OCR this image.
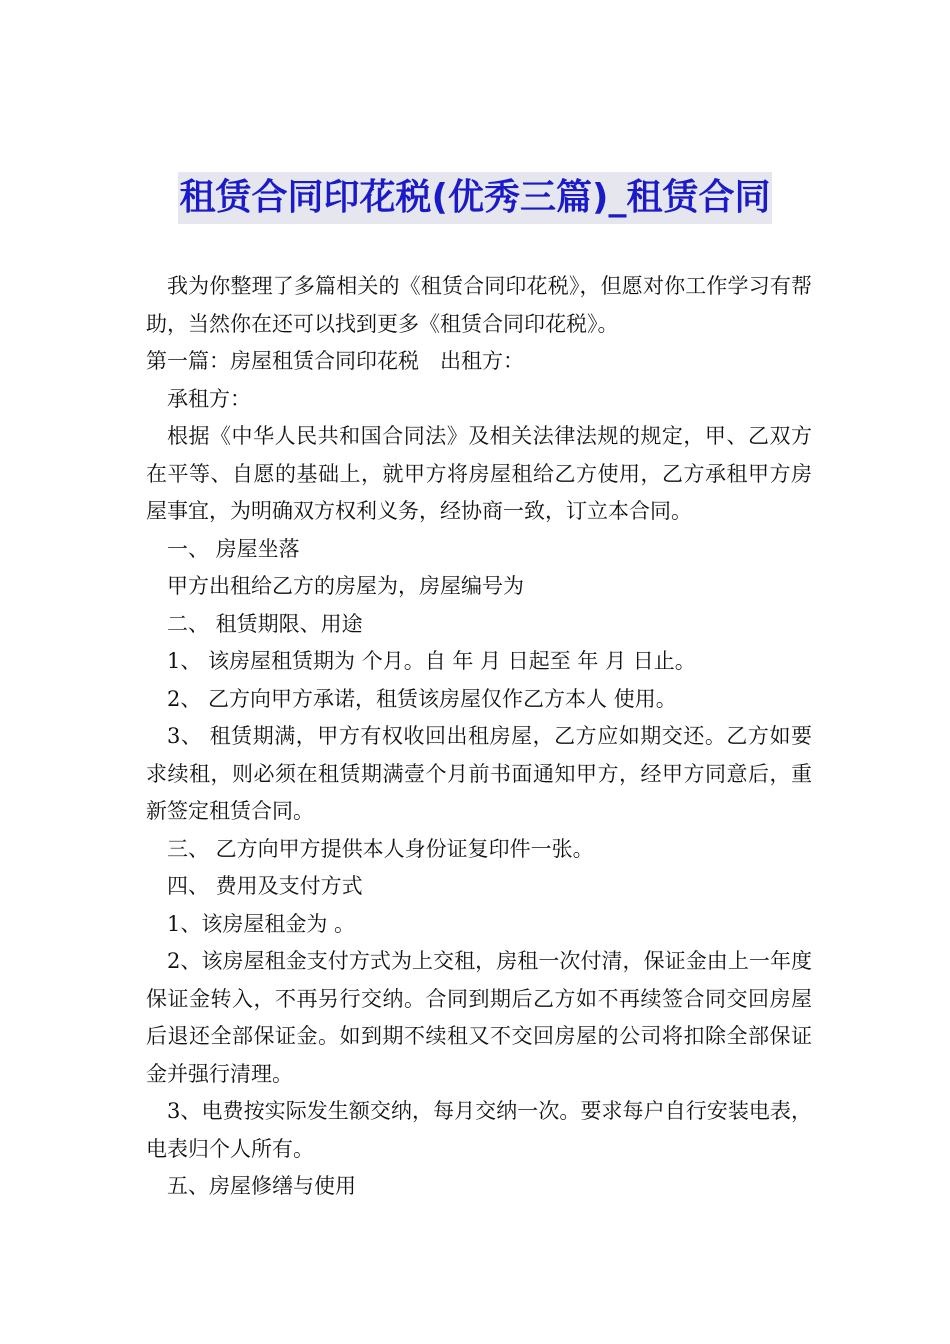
租赁合同印花税(优秀三篇)_租赁合同

我为你整理了多篇相关的《租赁合同印花税》，但愿对你工作学习有帮助，当然你在还可以找到更多《租赁合同印花税》。

第一篇：房屋租赁合同印花税　出租方：

承租方：

根据《中华人民共和国合同法》及相关法律法规的规定，甲、乙双方在平等、自愿的基础上，就甲方将房屋租给乙方使用，乙方承租甲方房屋事宜，为明确双方权利义务，经协商一致，订立本合同。

一、 房屋坐落

甲方出租给乙方的房屋为，房屋编号为

二、 租赁期限、用途

1、 该房屋租赁期为 个月。自 年 月 日起至 年 月 日止。

2、 乙方向甲方承诺，租赁该房屋仅作乙方本人 使用。

3、 租赁期满，甲方有权收回出租房屋，乙方应如期交还。乙方如要求续租，则必须在租赁期满壹个月前书面通知甲方，经甲方同意后，重新签定租赁合同。

三、 乙方向甲方提供本人身份证复印件一张。

四、 费用及支付方式

1、该房屋租金为 。

2、该房屋租金支付方式为上交租，房租一次付清，保证金由上一年度保证金转入，不再另行交纳。合同到期后乙方如不再续签合同交回房屋后退还全部保证金。如到期不续租又不交回房屋的公司将扣除全部保证金并强行清理。

3、电费按实际发生额交纳，每月交纳一次。要求每户自行安装电表，电表归个人所有。

五、房屋修缮与使用
